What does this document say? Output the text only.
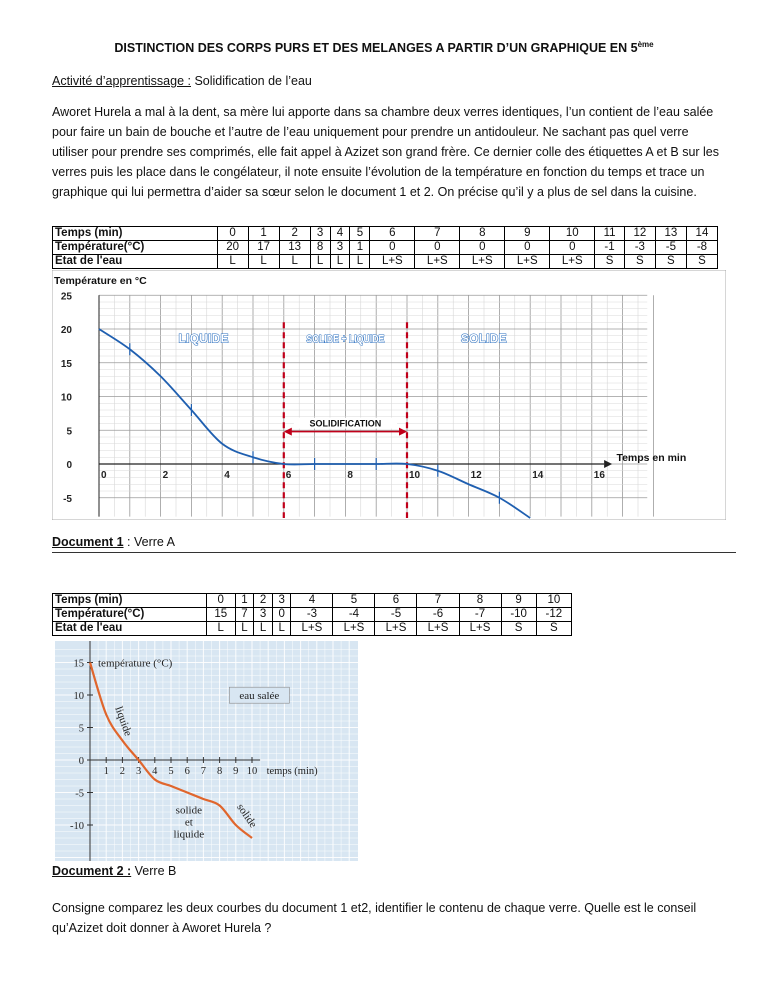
DISTINCTION DES CORPS PURS ET DES MELANGES A PARTIR D’UN GRAPHIQUE EN 5ème
Activité d’apprentissage : Solidification de l’eau
Aworet Hurela a mal à la dent, sa mère lui apporte dans sa chambre deux verres identiques, l’un contient de l’eau salée pour faire un bain de bouche et l’autre de l’eau uniquement pour prendre un antidouleur. Ne sachant pas quel verre utiliser pour prendre ses comprimés, elle fait appel à Azizet son grand frère. Ce dernier colle des étiquettes A et B sur les verres puis les place dans le congélateur, il note ensuite l’évolution de la température en fonction du temps et trace un graphique qui lui permettra d’aider sa sœur selon le document 1 et 2. On précise qu’il y a plus de sel dans la cuisine.
Temps (min)	0	1	2	3	4	5	6	7	8	9	10	11	12	13	14
Température(°C)	20	17	13	8	3	1	0	0	0	0	0	-1	-3	-5	-8
Etat de l'eau	L	L	L	L	L	L	L+S	L+S	L+S	L+S	L+S	S	S	S	S
Température en °C
25
20
15
10
5
0
-5
0	2	4	6	8	10	12	14	16
Temps en min
LIQUIDE	SOLIDE + LIQUIDE	SOLIDE
SOLIDIFICATION
Document 1 : Verre A
Temps (min)	0	1	2	3	4	5	6	7	8	9	10
Température(°C)	15	7	3	0	-3	-4	-5	-6	-7	-10	-12
Etat de l'eau	L	L	L	L	L+S	L+S	L+S	L+S	L+S	S	S
15
10
5
0
-5
-10
1 2 3 4 5 6 7 8 9 10 temps (min)
température (°C)
eau salée
liquide
solide et liquide
solide
Document 2 : Verre B
Consigne comparez les deux courbes du document 1 et2, identifier le contenu de chaque verre. Quelle est le conseil qu’Azizet doit donner à Aworet Hurela ?
